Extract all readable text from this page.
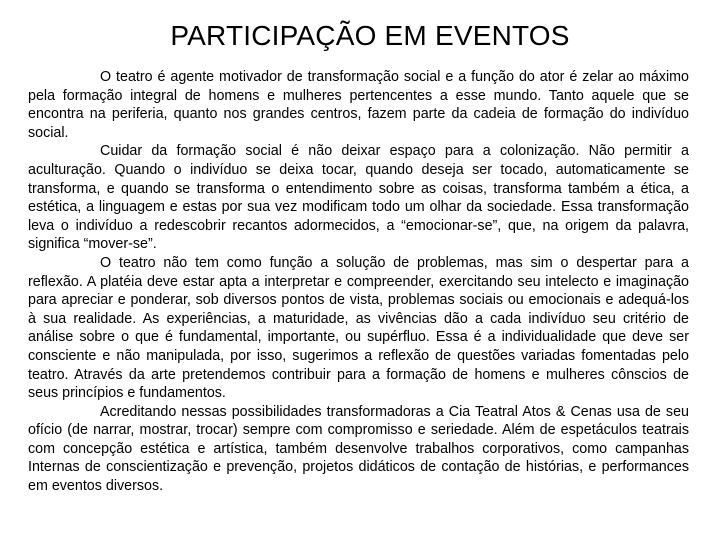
PARTICIPAÇÃO EM EVENTOS

O teatro é agente motivador de transformação social e a função do ator é zelar ao máximo pela formação integral de homens e mulheres pertencentes a esse mundo. Tanto aquele que se encontra na periferia, quanto nos grandes centros, fazem parte da cadeia de formação do indivíduo social.

Cuidar da formação social é não deixar espaço para a colonização. Não permitir a aculturação. Quando o indivíduo se deixa tocar, quando deseja ser tocado, automaticamente se transforma, e quando se transforma o entendimento sobre as coisas, transforma também a ética, a estética, a linguagem e estas por sua vez modificam todo um olhar da sociedade. Essa transformação leva o indivíduo a redescobrir recantos adormecidos, a “emocionar-se”, que, na origem da palavra, significa “mover-se”.

O teatro não tem como função a solução de problemas, mas sim o despertar para a reflexão. A platéia deve estar apta a interpretar e compreender, exercitando seu intelecto e imaginação para apreciar e ponderar, sob diversos pontos de vista, problemas sociais ou emocionais e adequá-los à sua realidade. As experiências, a maturidade, as vivências dão a cada indivíduo seu critério de análise sobre o que é fundamental, importante, ou supérfluo. Essa é a individualidade que deve ser consciente e não manipulada, por isso, sugerimos a reflexão de questões variadas fomentadas pelo teatro. Através da arte pretendemos contribuir para a formação de homens e mulheres cônscios de seus princípios e fundamentos.

Acreditando nessas possibilidades transformadoras a Cia Teatral Atos & Cenas usa de seu ofício (de narrar, mostrar, trocar) sempre com compromisso e seriedade. Além de espetáculos teatrais com concepção estética e artística, também desenvolve trabalhos corporativos, como campanhas Internas de conscientização e prevenção, projetos didáticos de contação de histórias, e performances em eventos diversos.
